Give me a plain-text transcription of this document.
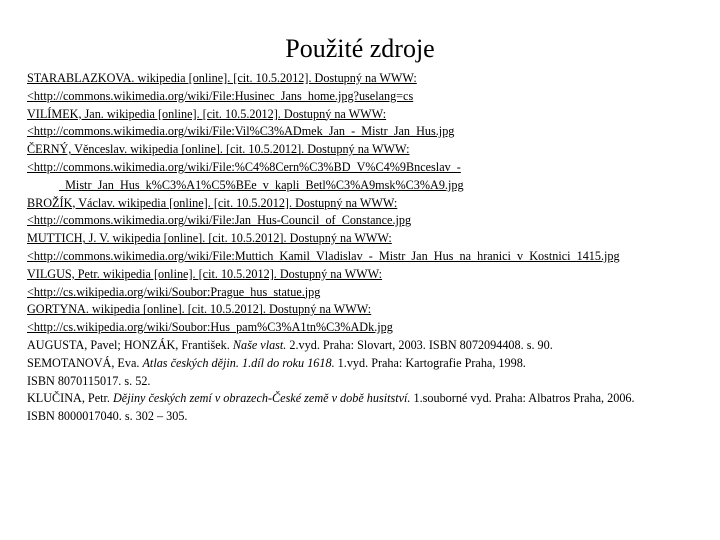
Použité zdroje
STARABLAZKOVA. wikipedia [online]. [cit. 10.5.2012]. Dostupný na WWW:
<http://commons.wikimedia.org/wiki/File:Husinec_Jans_home.jpg?uselang=cs
VILÍMEK, Jan. wikipedia [online]. [cit. 10.5.2012]. Dostupný na WWW:
<http://commons.wikimedia.org/wiki/File:Vil%C3%ADmek_Jan_-_Mistr_Jan_Hus.jpg
ČERNÝ, Věnceslav. wikipedia [online]. [cit. 10.5.2012]. Dostupný na WWW:
<http://commons.wikimedia.org/wiki/File:%C4%8Cern%C3%BD_V%C4%9Bnceslav_-
_Mistr_Jan_Hus_k%C3%A1%C5%BEe_v_kapli_Betl%C3%A9msk%C3%A9.jpg
BROŽÍK, Václav. wikipedia [online]. [cit. 10.5.2012]. Dostupný na WWW:
<http://commons.wikimedia.org/wiki/File:Jan_Hus-Council_of_Constance.jpg
MUTTICH, J. V. wikipedia [online]. [cit. 10.5.2012]. Dostupný na WWW:
<http://commons.wikimedia.org/wiki/File:Muttich_Kamil_Vladislav_-_Mistr_Jan_Hus_na_hranici_v_Kostnici_1415.jpg
VILGUS, Petr. wikipedia [online]. [cit. 10.5.2012]. Dostupný na WWW:
<http://cs.wikipedia.org/wiki/Soubor:Prague_hus_statue.jpg
GORTYNA. wikipedia [online]. [cit. 10.5.2012]. Dostupný na WWW:
<http://cs.wikipedia.org/wiki/Soubor:Hus_pam%C3%A1tn%C3%ADk.jpg
AUGUSTA, Pavel; HONZÁK, František. Naše vlast. 2.vyd. Praha: Slovart, 2003. ISBN 8072094408. s. 90.
SEMOTANOVÁ, Eva. Atlas českých dějin. 1.díl do roku 1618. 1.vyd. Praha: Kartografie Praha, 1998.
ISBN 8070115017. s. 52.
KLUČINA, Petr. Dějiny českých zemí v obrazech-České země v době husitství. 1.souborné vyd. Praha: Albatros Praha, 2006.
ISBN 8000017040. s. 302 – 305.
